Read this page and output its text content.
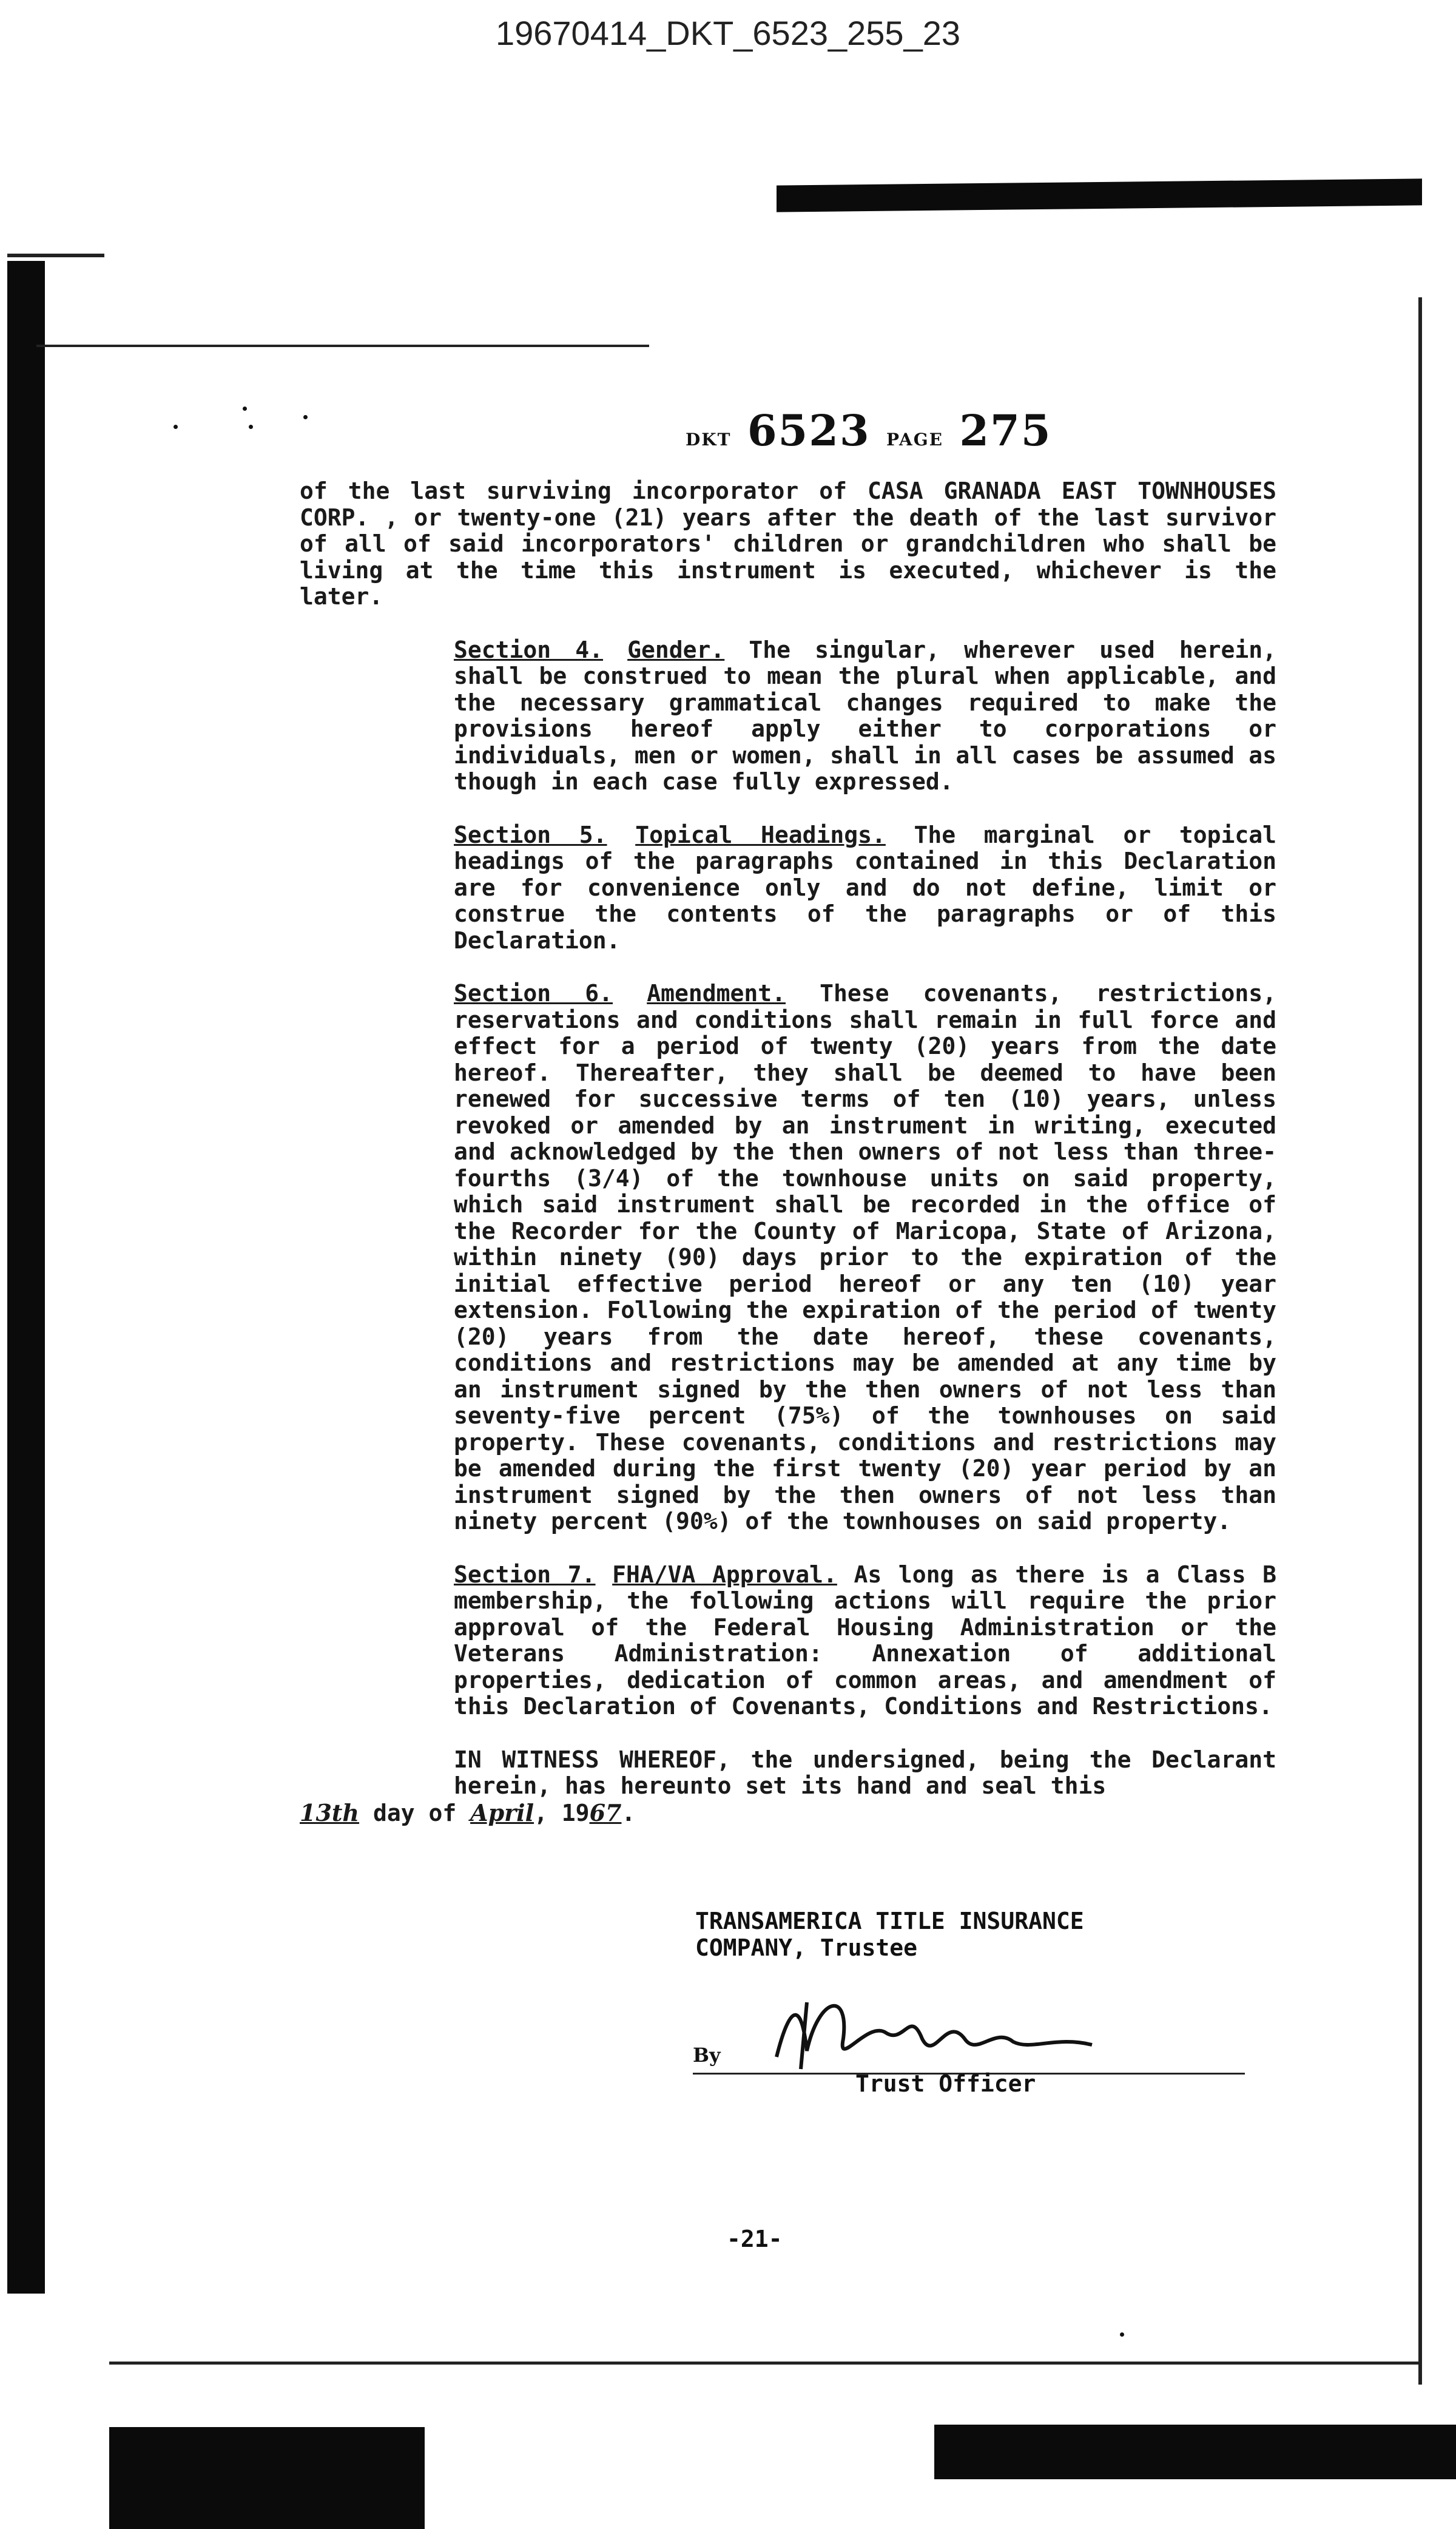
19670414_DKT_6523_255_23
DKT 6523 PAGE 275

of the last surviving incorporator of CASA GRANADA EAST TOWNHOUSES CORP. , or twenty-one (21) years after the death of the last survivor of all of said incorporators' children or grandchildren who shall be living at the time this instrument is executed, whichever is the later.

Section 4. Gender. The singular, wherever used herein, shall be construed to mean the plural when applicable, and the necessary grammatical changes required to make the provisions hereof apply either to corporations or individuals, men or women, shall in all cases be assumed as though in each case fully expressed.

Section 5. Topical Headings. The marginal or topical headings of the paragraphs contained in this Declaration are for convenience only and do not define, limit or construe the contents of the paragraphs or of this Declaration.

Section 6. Amendment. These covenants, restrictions, reservations and conditions shall remain in full force and effect for a period of twenty (20) years from the date hereof. Thereafter, they shall be deemed to have been renewed for successive terms of ten (10) years, unless revoked or amended by an instrument in writing, executed and acknowledged by the then owners of not less than three-fourths (3/4) of the townhouse units on said property, which said instrument shall be recorded in the office of the Recorder for the County of Maricopa, State of Arizona, within ninety (90) days prior to the expiration of the initial effective period hereof or any ten (10) year extension. Following the expiration of the period of twenty (20) years from the date hereof, these covenants, conditions and restrictions may be amended at any time by an instrument signed by the then owners of not less than seventy-five percent (75%) of the townhouses on said property. These covenants, conditions and restrictions may be amended during the first twenty (20) year period by an instrument signed by the then owners of not less than ninety percent (90%) of the townhouses on said property.

Section 7. FHA/VA Approval. As long as there is a Class B membership, the following actions will require the prior approval of the Federal Housing Administration or the Veterans Administration: Annexation of additional properties, dedication of common areas, and amendment of this Declaration of Covenants, Conditions and Restrictions.

IN WITNESS WHEREOF, the undersigned, being the Declarant herein, has hereunto set its hand and seal this

13th day of April, 1967.

TRANSAMERICA TITLE INSURANCE
COMPANY, Trustee
By
Trust Officer
-21-
